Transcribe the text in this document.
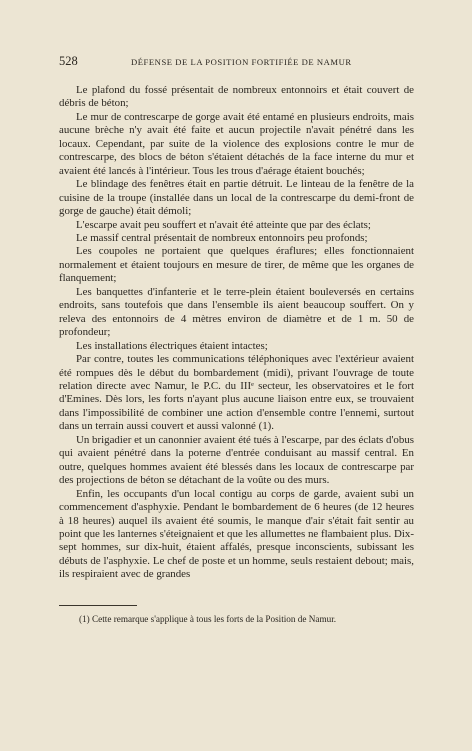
528	DÉFENSE DE LA POSITION FORTIFIÉE DE NAMUR

Le plafond du fossé présentait de nombreux entonnoirs et était couvert de débris de béton;

Le mur de contrescarpe de gorge avait été entamé en plusieurs endroits, mais aucune brèche n'y avait été faite et aucun projectile n'avait pénétré dans les locaux. Cependant, par suite de la violence des explosions contre le mur de contrescarpe, des blocs de béton s'étaient détachés de la face interne du mur et avaient été lancés à l'intérieur. Tous les trous d'aérage étaient bouchés;

Le blindage des fenêtres était en partie détruit. Le linteau de la fenêtre de la cuisine de la troupe (installée dans un local de la contrescarpe du demi-front de gorge de gauche) était démoli;

L'escarpe avait peu souffert et n'avait été atteinte que par des éclats;

Le massif central présentait de nombreux entonnoirs peu profonds;

Les coupoles ne portaient que quelques éraflures; elles fonctionnaient normalement et étaient toujours en mesure de tirer, de même que les organes de flanquement;

Les banquettes d'infanterie et le terre-plein étaient bouleversés en certains endroits, sans toutefois que dans l'ensemble ils aient beaucoup souffert. On y releva des entonnoirs de 4 mètres environ de diamètre et de 1 m. 50 de profondeur;

Les installations électriques étaient intactes;

Par contre, toutes les communications téléphoniques avec l'extérieur avaient été rompues dès le début du bombardement (midi), privant l'ouvrage de toute relation directe avec Namur, le P.C. du IIIᵉ secteur, les observatoires et le fort d'Emines. Dès lors, les forts n'ayant plus aucune liaison entre eux, se trouvaient dans l'impossibilité de combiner une action d'ensemble contre l'ennemi, surtout dans un terrain aussi couvert et aussi valonné (1).

Un brigadier et un canonnier avaient été tués à l'escarpe, par des éclats d'obus qui avaient pénétré dans la poterne d'entrée conduisant au massif central. En outre, quelques hommes avaient été blessés dans les locaux de contrescarpe par des projections de béton se détachant de la voûte ou des murs.

Enfin, les occupants d'un local contigu au corps de garde, avaient subi un commencement d'asphyxie. Pendant le bombardement de 6 heures (de 12 heures à 18 heures) auquel ils avaient été soumis, le manque d'air s'était fait sentir au point que les lanternes s'éteignaient et que les allumettes ne flambaient plus. Dix-sept hommes, sur dix-huit, étaient affalés, presque inconscients, subissant les débuts de l'asphyxie. Le chef de poste et un homme, seuls restaient debout; mais, ils respiraient avec de grandes

(1) Cette remarque s'applique à tous les forts de la Position de Namur.
